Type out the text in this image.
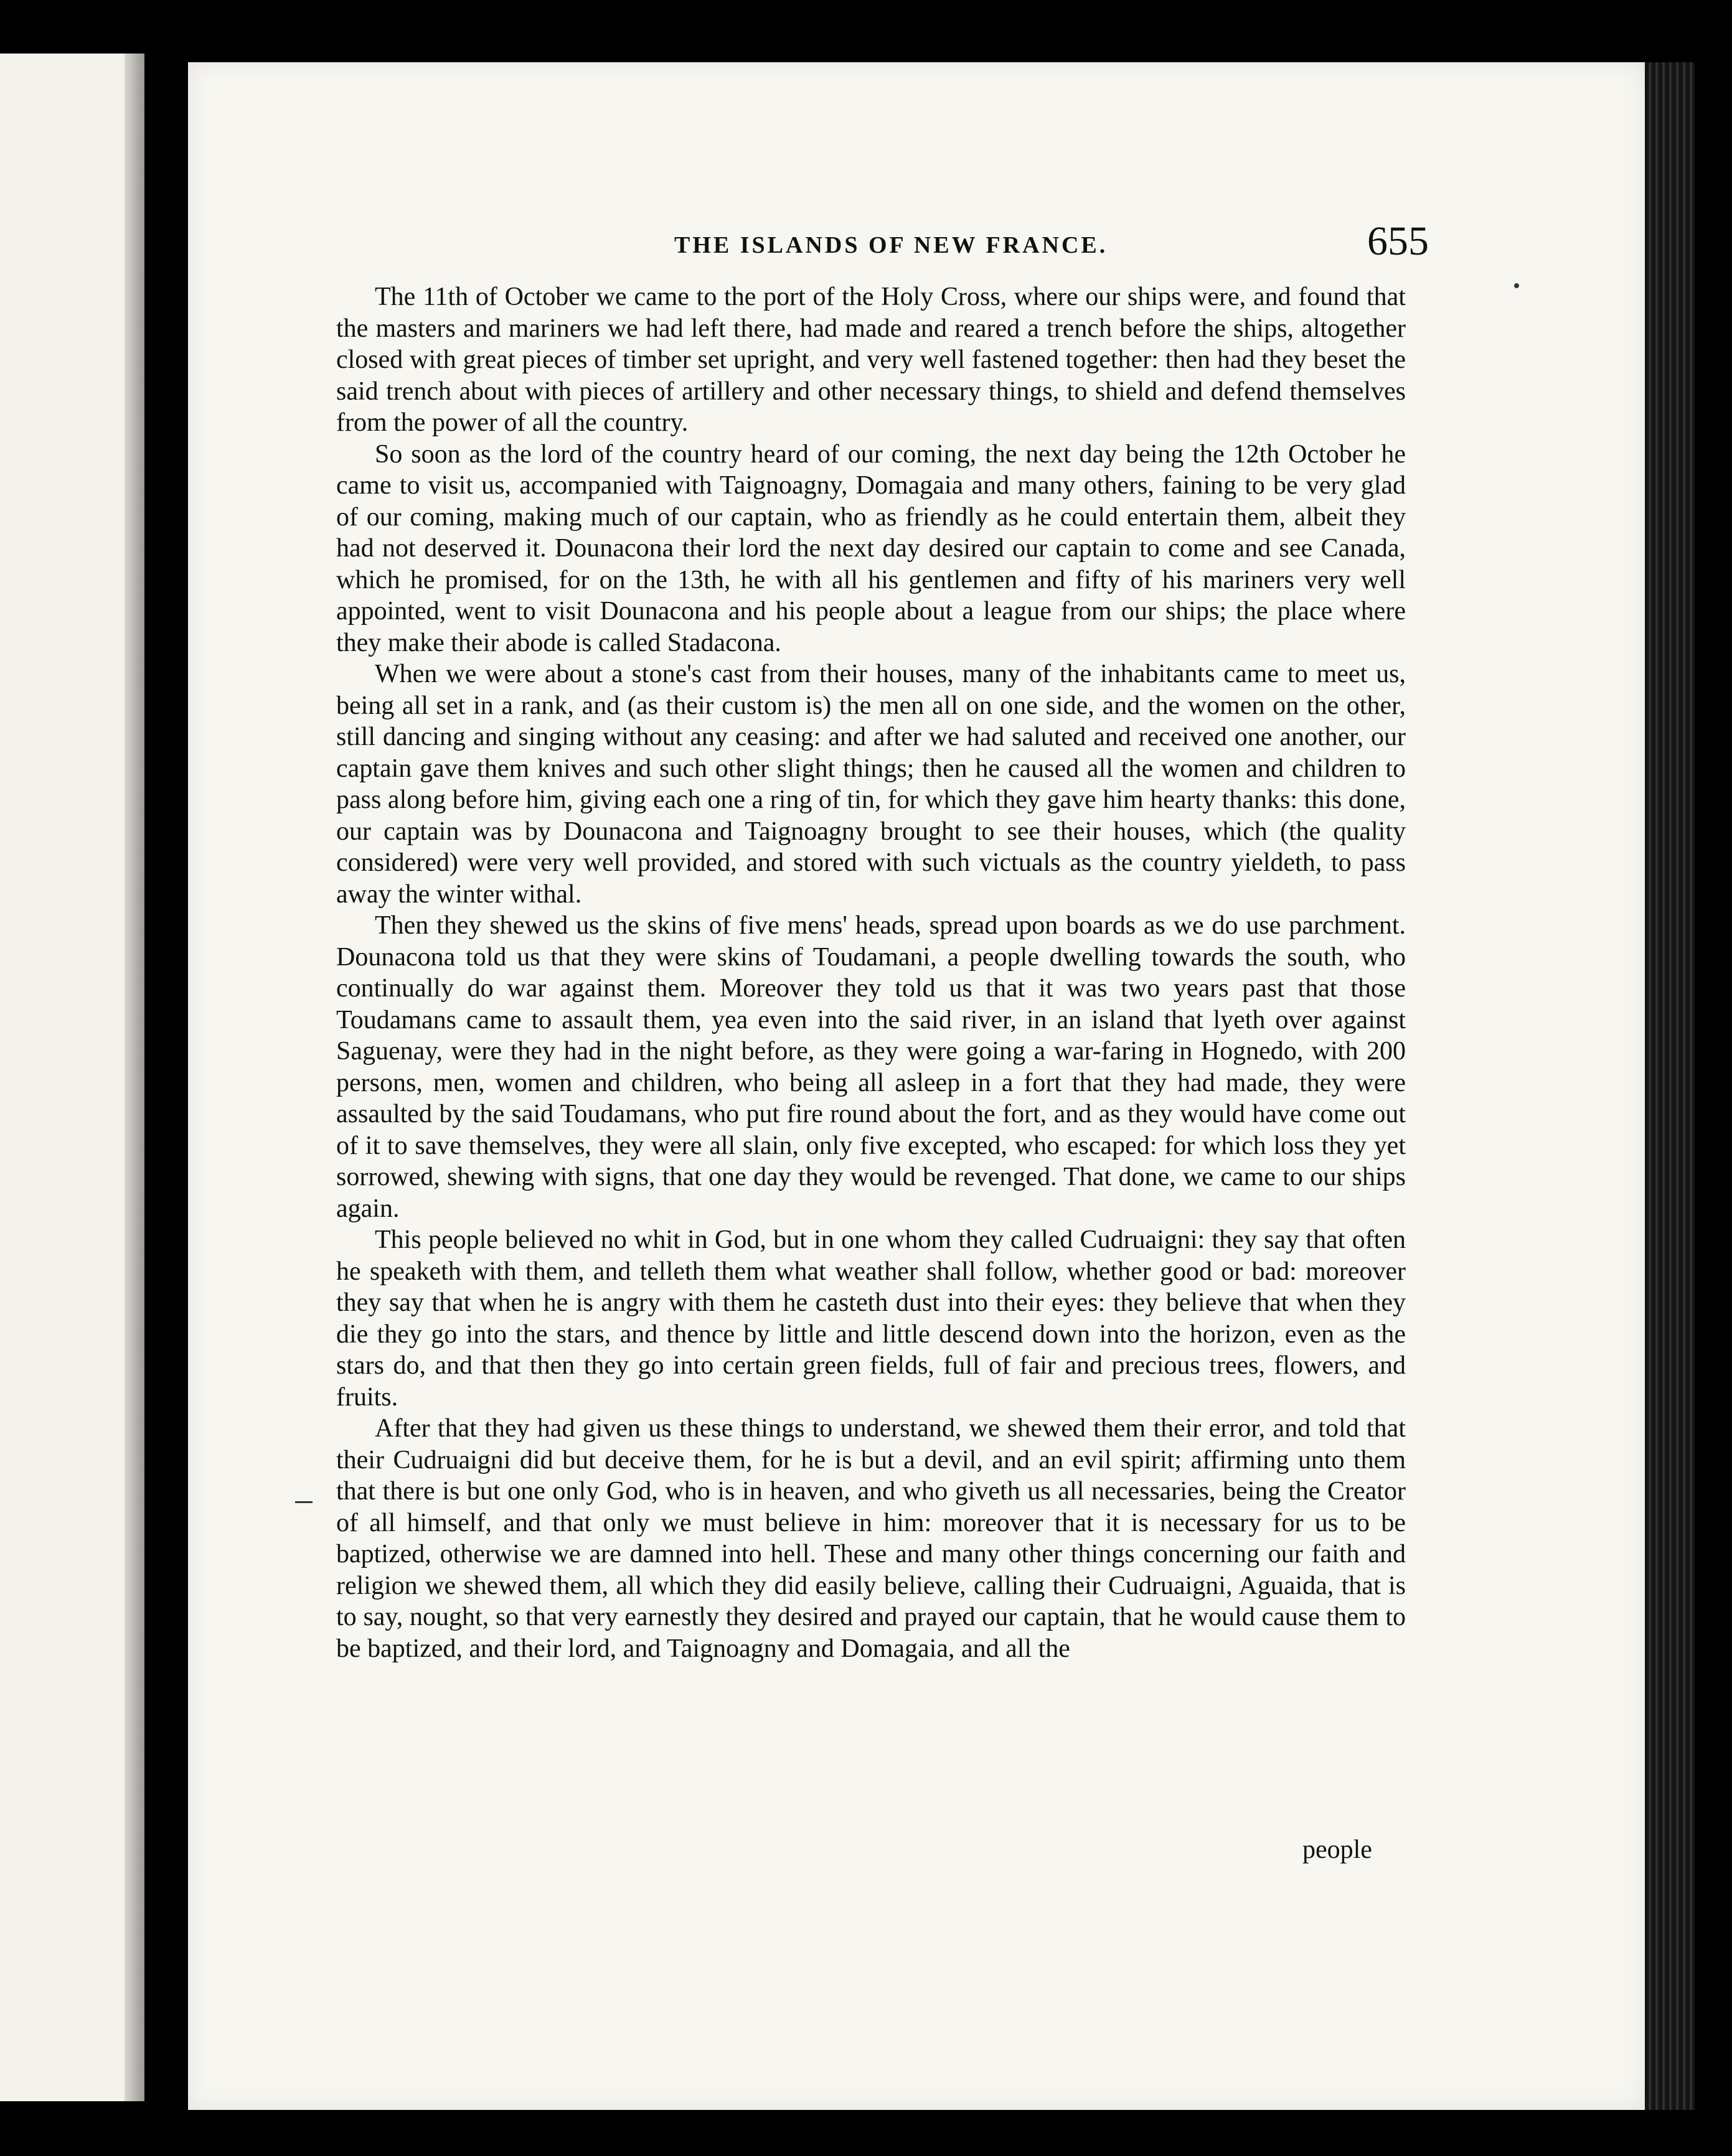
THE ISLANDS OF NEW FRANCE.	655

The 11th of October we came to the port of the Holy Cross, where our ships were, and found that the masters and mariners we had left there, had made and reared a trench before the ships, altogether closed with great pieces of timber set upright, and very well fastened together: then had they beset the said trench about with pieces of artillery and other necessary things, to shield and defend themselves from the power of all the country.

So soon as the lord of the country heard of our coming, the next day being the 12th October he came to visit us, accompanied with Taignoagny, Domagaia and many others, faining to be very glad of our coming, making much of our captain, who as friendly as he could entertain them, albeit they had not deserved it. Dounacona their lord the next day desired our captain to come and see Canada, which he promised, for on the 13th, he with all his gentlemen and fifty of his mariners very well appointed, went to visit Dounacona and his people about a league from our ships; the place where they make their abode is called Stadacona.

When we were about a stone's cast from their houses, many of the inhabitants came to meet us, being all set in a rank, and (as their custom is) the men all on one side, and the women on the other, still dancing and singing without any ceasing: and after we had saluted and received one another, our captain gave them knives and such other slight things; then he caused all the women and children to pass along before him, giving each one a ring of tin, for which they gave him hearty thanks: this done, our captain was by Dounacona and Taignoagny brought to see their houses, which (the quality considered) were very well provided, and stored with such victuals as the country yieldeth, to pass away the winter withal.

Then they shewed us the skins of five mens' heads, spread upon boards as we do use parchment. Dounacona told us that they were skins of Toudamani, a people dwelling towards the south, who continually do war against them. Moreover they told us that it was two years past that those Toudamans came to assault them, yea even into the said river, in an island that lyeth over against Saguenay, were they had in the night before, as they were going a war-faring in Hognedo, with 200 persons, men, women and children, who being all asleep in a fort that they had made, they were assaulted by the said Toudamans, who put fire round about the fort, and as they would have come out of it to save themselves, they were all slain, only five excepted, who escaped: for which loss they yet sorrowed, shewing with signs, that one day they would be revenged. That done, we came to our ships again.

This people believed no whit in God, but in one whom they called Cudruaigni: they say that often he speaketh with them, and telleth them what weather shall follow, whether good or bad: moreover they say that when he is angry with them he casteth dust into their eyes: they believe that when they die they go into the stars, and thence by little and little descend down into the horizon, even as the stars do, and that then they go into certain green fields, full of fair and precious trees, flowers, and fruits.

After that they had given us these things to understand, we shewed them their error, and told that their Cudruaigni did but deceive them, for he is but a devil, and an evil spirit; affirming unto them that there is but one only God, who is in heaven, and who giveth us all necessaries, being the Creator of all himself, and that only we must believe in him: moreover that it is necessary for us to be baptized, otherwise we are damned into hell. These and many other things concerning our faith and religion we shewed them, all which they did easily believe, calling their Cudruaigni, Aguaida, that is to say, nought, so that very earnestly they desired and prayed our captain, that he would cause them to be baptized, and their lord, and Taignoagny and Domagaia, and all the

people
